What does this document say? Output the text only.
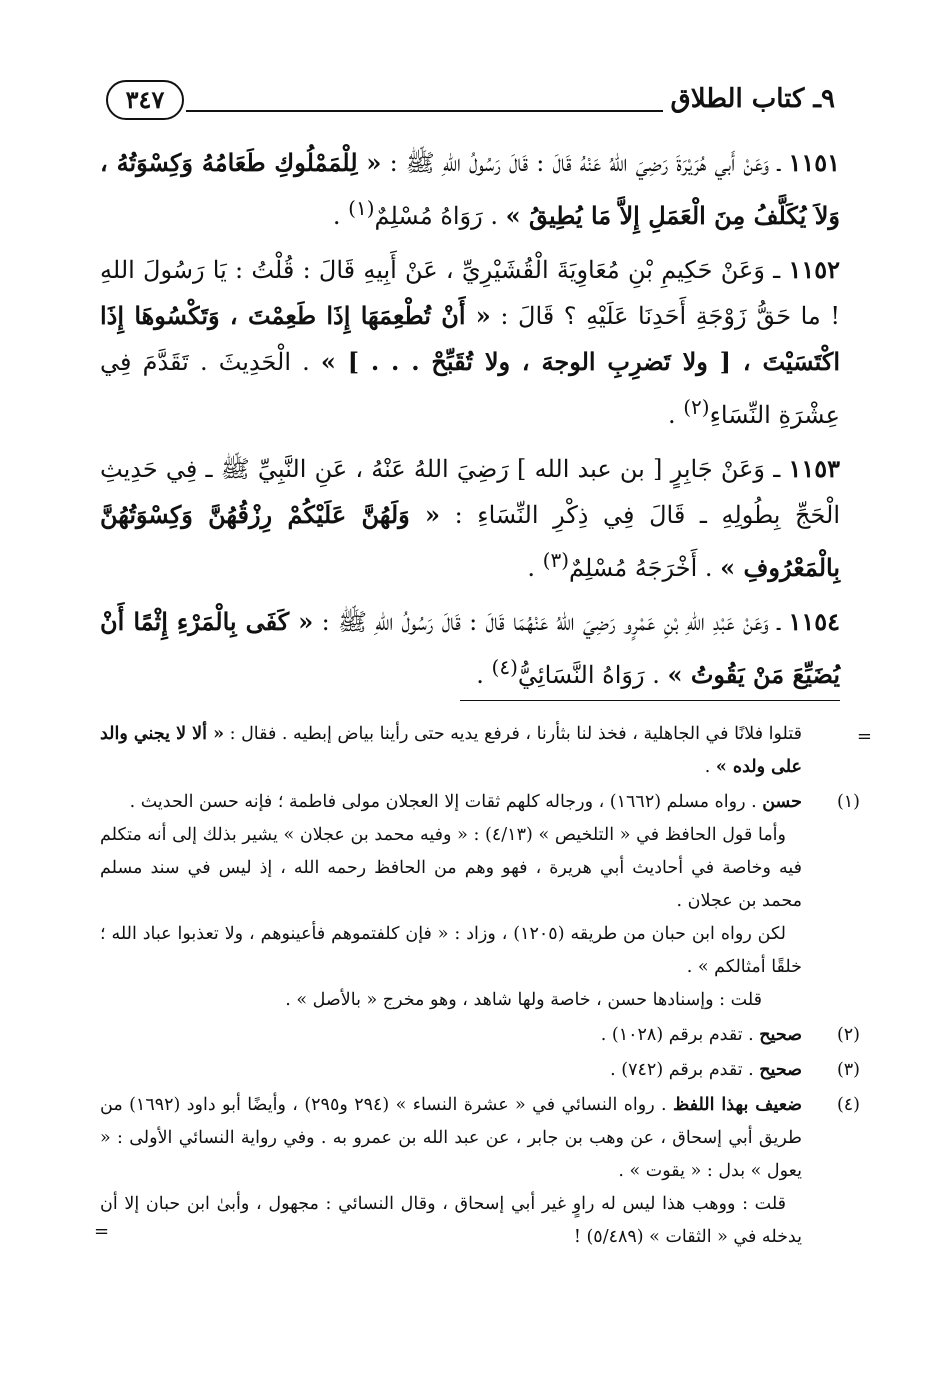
٩ـ كتاب الطلاق
٣٤٧

١١٥١ ـ وَعَنْ أَبي هُرَيْرَةَ رَضِيَ اللهُ عَنْهُ قَالَ : قَالَ رَسُولُ اللهِ ﷺ : « لِلْمَمْلُوكِ طَعَامُهُ وَكِسْوَتُهُ ، وَلاَ يُكَلَّفُ مِنَ الْعَمَلِ إِلاَّ مَا يُطِيقُ » . رَوَاهُ مُسْلِمٌ$^{(١)}$ .

١١٥٢ ـ وَعَنْ حَكِيمِ بْنِ مُعَاوِيَةَ الْقُشَيْرِيِّ ، عَنْ أَبِيهِ قَالَ : قُلْتُ : يَا رَسُولَ اللهِ ! ما حَقُّ زَوْجَةِ أَحَدِنَا عَلَيْهِ ؟ قَالَ : « أَنْ تُطْعِمَهَا إِذَا طَعِمْتَ ، وَتَكْسُوهَا إِذَا اكْتَسَيْتَ ، [ ولا تَضرِبِ الوجهَ ، ولا تُقَبِّحْ . . . ] » . الْحَدِيثَ . تَقَدَّمَ فِي عِشْرَةِ النِّسَاءِ$^{(٢)}$ .

١١٥٣ ـ وَعَنْ جَابِرٍ [ بن عبد الله ] رَضِيَ اللهُ عَنْهُ ، عَنِ النَّبِيِّ ﷺ ـ فِي حَدِيثِ الْحَجِّ بِطُولِهِ ـ قَالَ فِي ذِكْرِ النِّسَاءِ : « وَلَهُنَّ عَلَيْكُمْ رِزْقُهُنَّ وَكِسْوَتُهُنَّ بِالْمَعْرُوفِ » . أَخْرَجَهُ مُسْلِمٌ$^{(٣)}$ .

١١٥٤ ـ وَعَنْ عَبْدِ اللهِ بْنِ عَمْرٍو رَضِيَ اللهُ عَنْهُمَا قَالَ : قَالَ رَسُولُ اللهِ ﷺ : « كَفَى بِالْمَرْءِ إِثْمًا أَنْ يُضَيِّعَ مَنْ يَقُوتُ » . رَوَاهُ النَّسَائِيُّ$^{(٤)}$ .

=

قتلوا فلانًا في الجاهلية ، فخذ لنا بثأرنا ، فرفع يديه حتى رأينا بياض إبطيه . فقال : « ألا لا يجني والد على ولده » .

(١)
حسن . رواه مسلم (١٦٦٢) ، ورجاله كلهم ثقات إلا العجلان مولى فاطمة ؛ فإنه حسن الحديث .
وأما قول الحافظ في « التلخيص » (٤/١٣) : « وفيه محمد بن عجلان » يشير بذلك إلى أنه متكلم فيه وخاصة في أحاديث أبي هريرة ، فهو وهم من الحافظ رحمه الله ، إذ ليس في سند مسلم محمد بن عجلان .
لكن رواه ابن حبان من طريقه (١٢٠٥) ، وزاد : « فإن كلفتموهم فأعينوهم ، ولا تعذبوا عباد الله ؛ خلقًا أمثالكم » .
قلت : وإسنادها حسن ، خاصة ولها شاهد ، وهو مخرج « بالأصل » .
(٢)
صحيح . تقدم برقم (١٠٢٨) .
(٣)
صحيح . تقدم برقم (٧٤٢) .
(٤)
ضعيف بهذا اللفظ . رواه النسائي في « عشرة النساء » (٢٩٤ و٢٩٥) ، وأيضًا أبو داود (١٦٩٢) من طريق أبي إسحاق ، عن وهب بن جابر ، عن عبد الله بن عمرو به . وفي رواية النسائي الأولى : « يعول » بدل : « يقوت » .
قلت : ووهب هذا ليس له راوٍ غير أبي إسحاق ، وقال النسائي : مجهول ، وأبىٰ ابن حبان إلا أن يدخله في « الثقات » (٥/٤٨٩) !
=
